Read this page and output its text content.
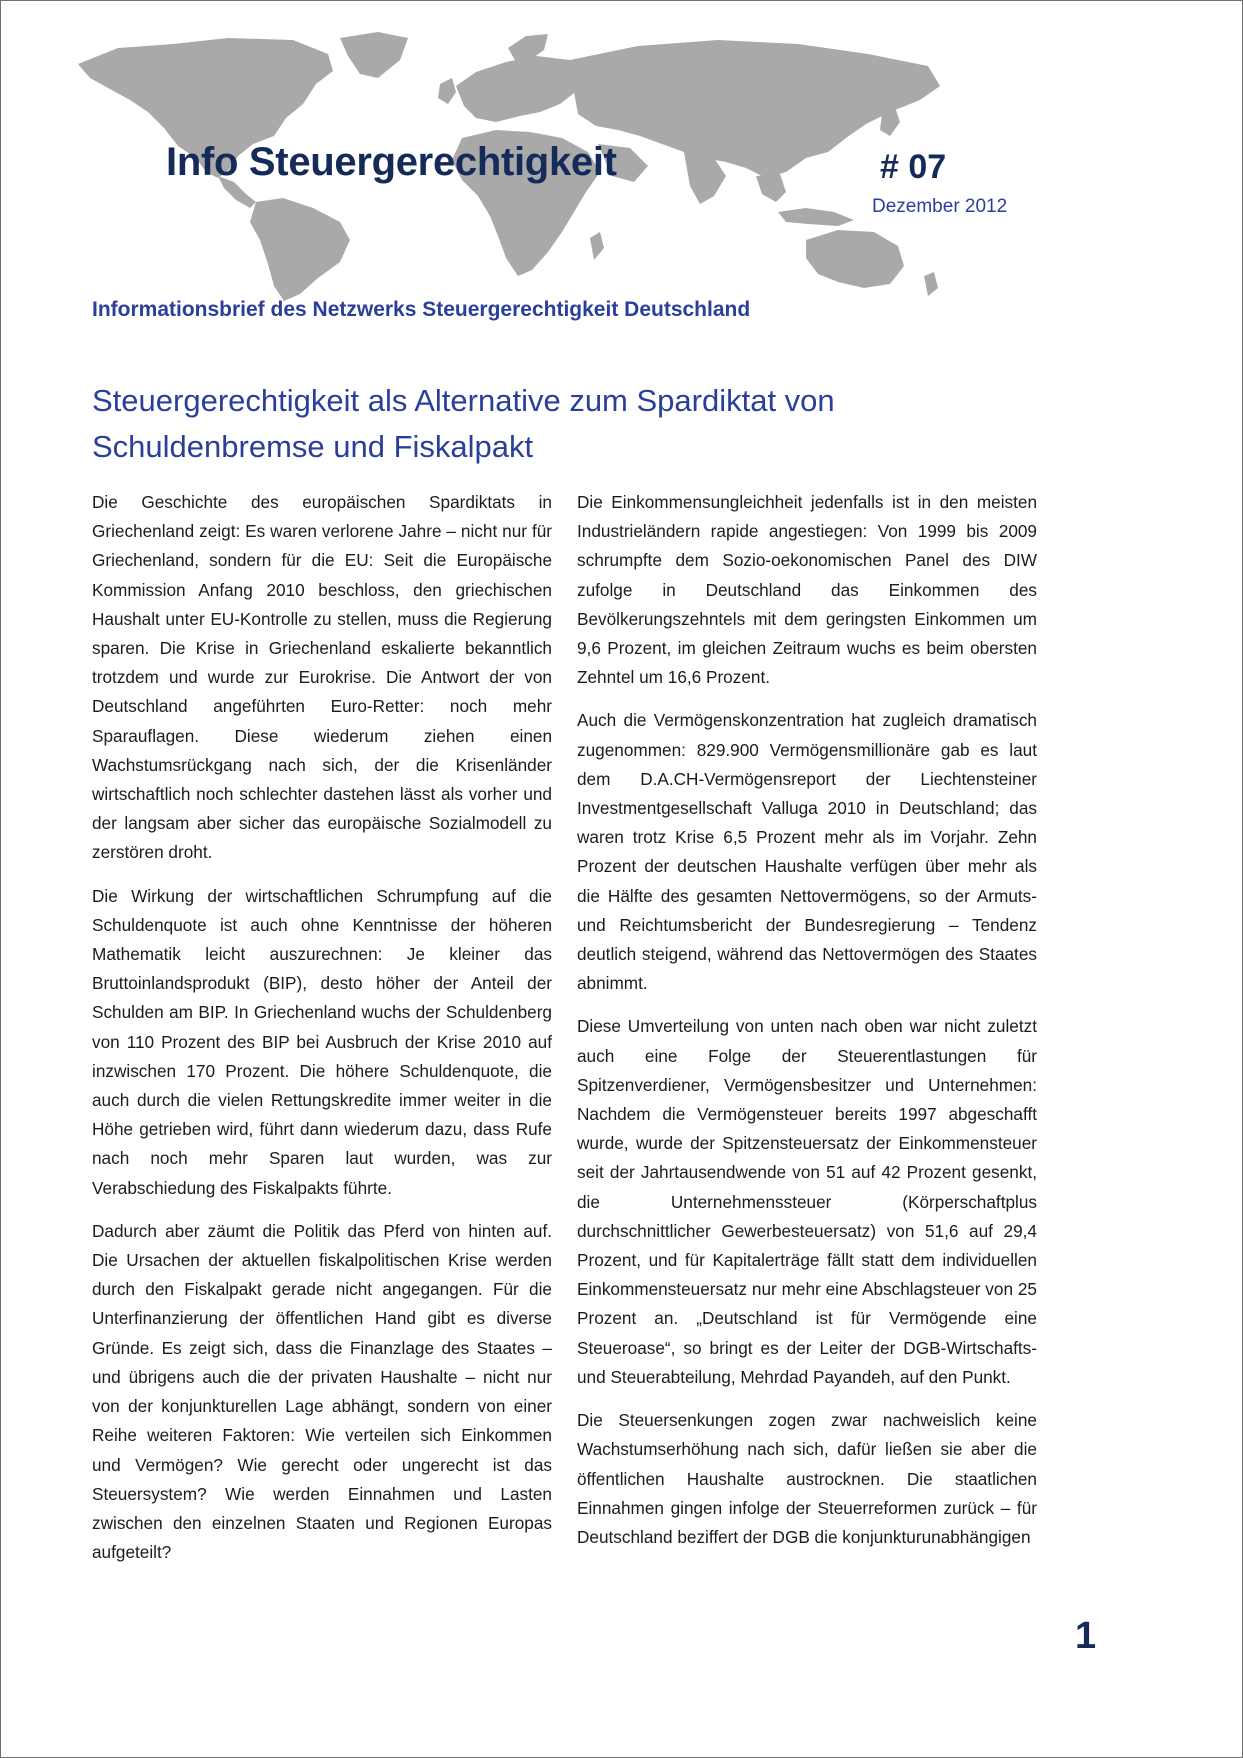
Info Steuergerechtigkeit	# 07
Dezember 2012
Informationsbrief des Netzwerks Steuergerechtigkeit Deutschland
Steuergerechtigkeit als Alternative zum Spardiktat von Schuldenbremse und Fiskalpakt

Die Geschichte des europäischen Spardiktats in Griechenland zeigt: Es waren verlorene Jahre – nicht nur für Griechenland, sondern für die EU: Seit die Europäische Kommission Anfang 2010 beschloss, den griechischen Haushalt unter EU-Kontrolle zu stellen, muss die Regierung sparen. Die Krise in Griechenland eskalierte bekanntlich trotzdem und wurde zur Eurokrise. Die Antwort der von Deutschland angeführten Euro-Retter: noch mehr Sparauflagen. Diese wiederum ziehen einen Wachstumsrückgang nach sich, der die Krisenländer wirtschaftlich noch schlechter dastehen lässt als vorher und der langsam aber sicher das europäische Sozialmodell zu zerstören droht.

Die Wirkung der wirtschaftlichen Schrumpfung auf die Schuldenquote ist auch ohne Kenntnisse der höheren Mathematik leicht auszurechnen: Je kleiner das Bruttoinlandsprodukt (BIP), desto höher der Anteil der Schulden am BIP. In Griechenland wuchs der Schuldenberg von 110 Prozent des BIP bei Ausbruch der Krise 2010 auf inzwischen 170 Prozent. Die höhere Schuldenquote, die auch durch die vielen Rettungskredite immer weiter in die Höhe getrieben wird, führt dann wiederum dazu, dass Rufe nach noch mehr Sparen laut wurden, was zur Verabschiedung des Fiskalpakts führte.

Dadurch aber zäumt die Politik das Pferd von hinten auf. Die Ursachen der aktuellen fiskalpolitischen Krise werden durch den Fiskalpakt gerade nicht angegangen. Für die Unterfinanzierung der öffentlichen Hand gibt es diverse Gründe. Es zeigt sich, dass die Finanzlage des Staates – und übrigens auch die der privaten Haushalte – nicht nur von der konjunkturellen Lage abhängt, sondern von einer Reihe weiteren Faktoren: Wie verteilen sich Einkommen und Vermögen? Wie gerecht oder ungerecht ist das Steuersystem? Wie werden Einnahmen und Lasten zwischen den einzelnen Staaten und Regionen Europas aufgeteilt?

Die Einkommensungleichheit jedenfalls ist in den meisten Industrieländern rapide angestiegen: Von 1999 bis 2009 schrumpfte dem Sozio-oekonomischen Panel des DIW zufolge in Deutschland das Einkommen des Bevölkerungszehntels mit dem geringsten Einkommen um 9,6 Prozent, im gleichen Zeitraum wuchs es beim obersten Zehntel um 16,6 Prozent.

Auch die Vermögenskonzentration hat zugleich dramatisch zugenommen: 829.900 Vermögensmillionäre gab es laut dem D.A.CH-Vermögensreport der Liechtensteiner Investmentgesellschaft Valluga 2010 in Deutschland; das waren trotz Krise 6,5 Prozent mehr als im Vorjahr. Zehn Prozent der deutschen Haushalte verfügen über mehr als die Hälfte des gesamten Nettovermögens, so der Armuts- und Reichtumsbericht der Bundesregierung – Tendenz deutlich steigend, während das Nettovermögen des Staates abnimmt.

Diese Umverteilung von unten nach oben war nicht zuletzt auch eine Folge der Steuerentlastungen für Spitzenverdiener, Vermögensbesitzer und Unternehmen: Nachdem die Vermögensteuer bereits 1997 abgeschafft wurde, wurde der Spitzensteuersatz der Einkommensteuer seit der Jahrtausendwende von 51 auf 42 Prozent gesenkt, die Unternehmenssteuer (Körperschaftplus durchschnittlicher Gewerbesteuersatz) von 51,6 auf 29,4 Prozent, und für Kapitalerträge fällt statt dem individuellen Einkommensteuersatz nur mehr eine Abschlagsteuer von 25 Prozent an. „Deutschland ist für Vermögende eine Steueroase“, so bringt es der Leiter der DGB-Wirtschafts- und Steuerabteilung, Mehrdad Payandeh, auf den Punkt.

Die Steuersenkungen zogen zwar nachweislich keine Wachstumserhöhung nach sich, dafür ließen sie aber die öffentlichen Haushalte austrocknen. Die staatlichen Einnahmen gingen infolge der Steuerreformen zurück – für Deutschland beziffert der DGB die konjunkturunabhängigen

1
